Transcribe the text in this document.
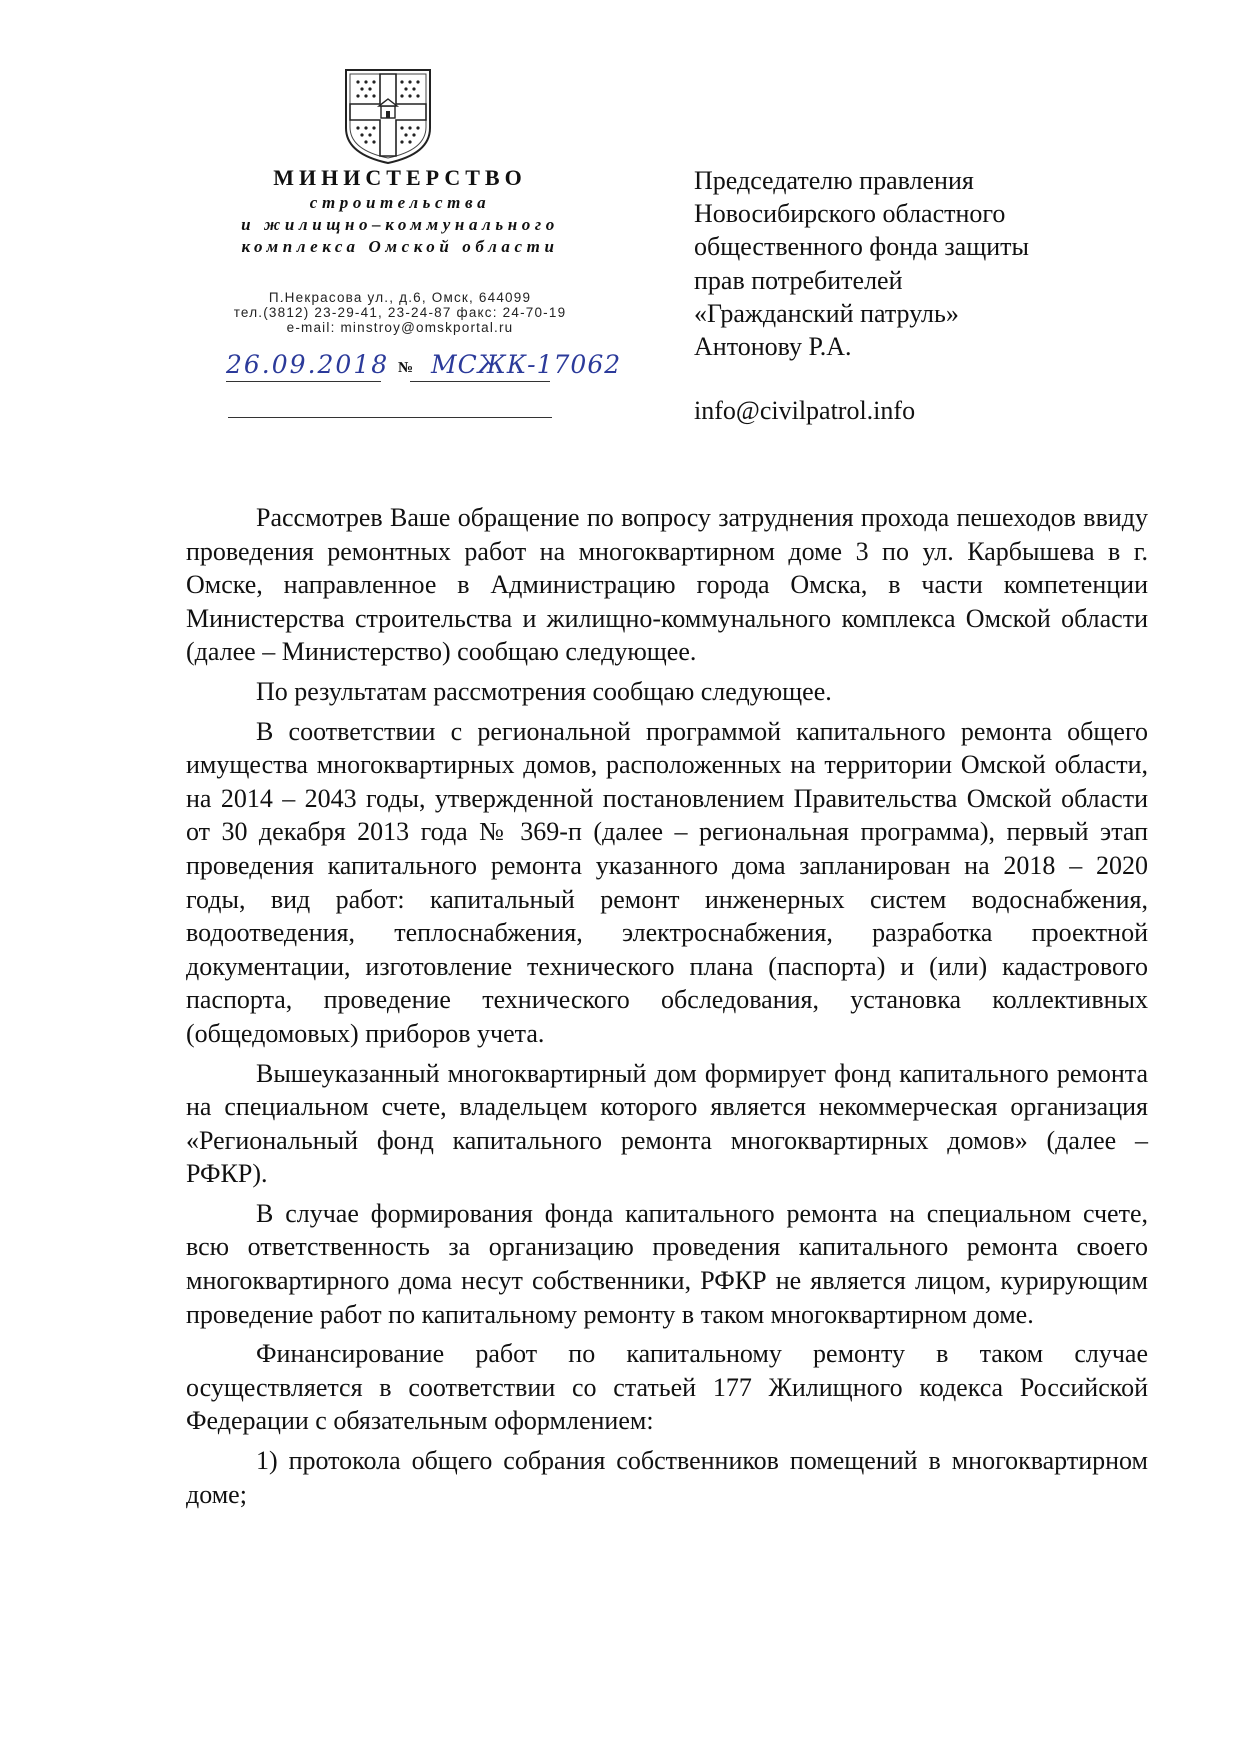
МИНИСТЕРСТВО
строительства
и жилищно–коммунального
комплекса Омской области
П.Некрасова ул., д.6, Омск, 644099
тел.(3812) 23-29-41, 23-24-87 факс: 24-70-19
e-mail: minstroy@omskportal.ru
26.09.2018 № МСЖК-17062
Председателю правления
Новосибирского областного
общественного фонда защиты
прав потребителей
«Гражданский патруль»
Антонову Р.А.
info@civilpatrol.info

Рассмотрев Ваше обращение по вопросу затруднения прохода пешеходов ввиду проведения ремонтных работ на многоквартирном доме 3 по ул. Карбышева в г. Омске, направленное в Администрацию города Омска, в части компетенции Министерства строительства и жилищно-коммунального комплекса Омской области (далее – Министерство) сообщаю следующее.

По результатам рассмотрения сообщаю следующее.

В соответствии с региональной программой капитального ремонта общего имущества многоквартирных домов, расположенных на территории Омской области, на 2014 – 2043 годы, утвержденной постановлением Правительства Омской области от 30 декабря 2013 года № 369-п (далее – региональная программа), первый этап проведения капитального ремонта указанного дома запланирован на 2018 – 2020 годы, вид работ: капитальный ремонт инженерных систем водоснабжения, водоотведения, теплоснабжения, электроснабжения, разработка проектной документации, изготовление технического плана (паспорта) и (или) кадастрового паспорта, проведение технического обследования, установка коллективных (общедомовых) приборов учета.

Вышеуказанный многоквартирный дом формирует фонд капитального ремонта на специальном счете, владельцем которого является некоммерческая организация «Региональный фонд капитального ремонта многоквартирных домов» (далее – РФКР).

В случае формирования фонда капитального ремонта на специальном счете, всю ответственность за организацию проведения капитального ремонта своего многоквартирного дома несут собственники, РФКР не является лицом, курирующим проведение работ по капитальному ремонту в таком многоквартирном доме.

Финансирование работ по капитальному ремонту в таком случае осуществляется в соответствии со статьей 177 Жилищного кодекса Российской Федерации с обязательным оформлением:

1) протокола общего собрания собственников помещений в многоквартирном доме;
